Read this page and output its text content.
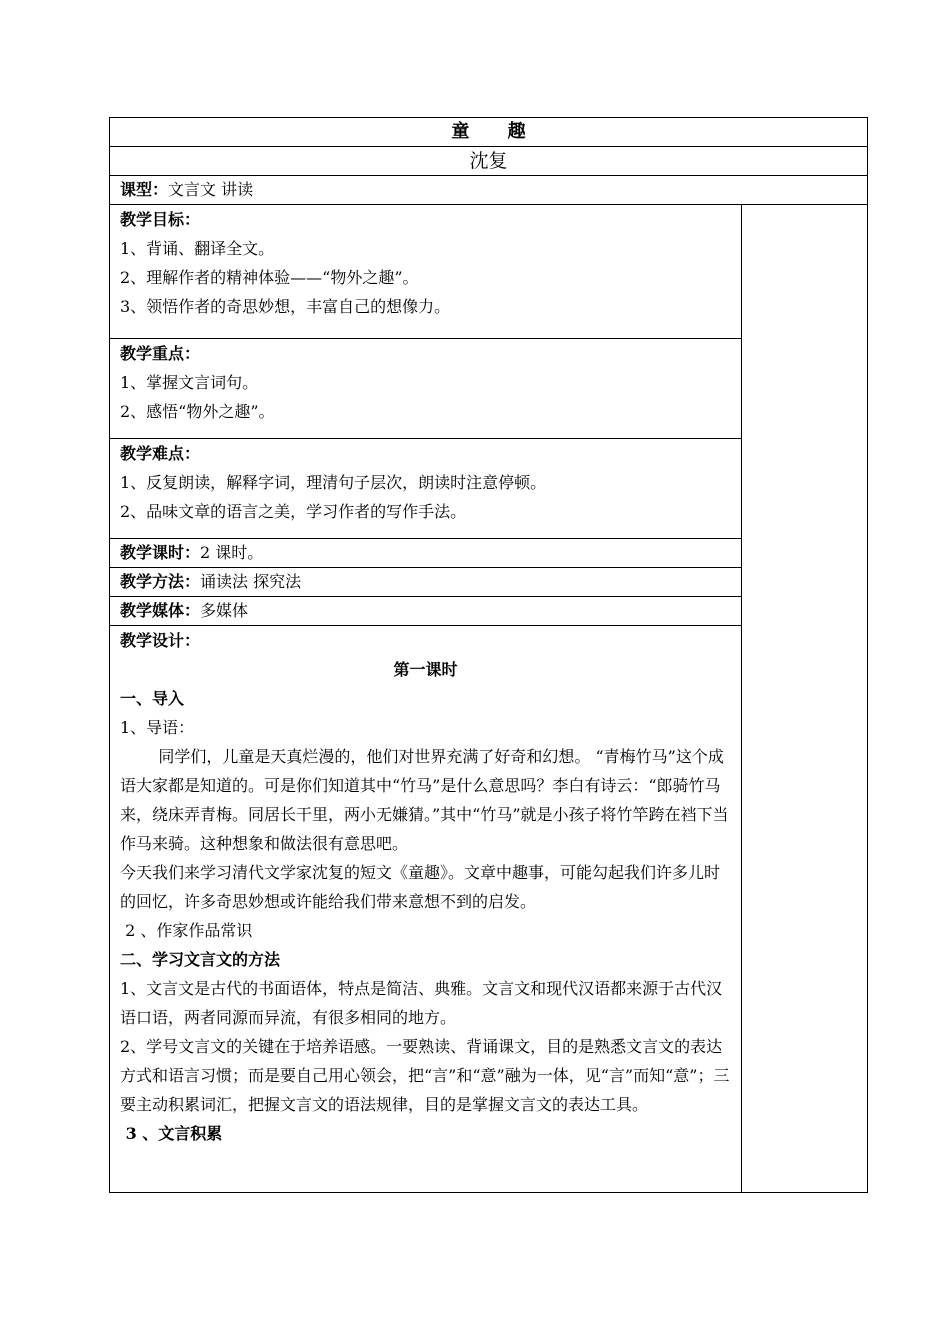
童 趣
沈复
课型：文言文 讲读

教学目标：
1、背诵、翻译全文。
2、理解作者的精神体验——“物外之趣”。
3、领悟作者的奇思妙想，丰富自己的想像力。

教学重点：
1、掌握文言词句。
2、感悟“物外之趣”。

教学难点：
1、反复朗读，解释字词，理清句子层次，朗读时注意停顿。
2、品味文章的语言之美，学习作者的写作手法。

教学课时：2 课时。
教学方法：诵读法 探究法
教学媒体：多媒体

教学设计：
第一课时
一、导入
1、导语：

同学们，儿童是天真烂漫的，他们对世界充满了好奇和幻想。 “青梅竹马”这个成语大家都是知道的。可是你们知道其中“竹马”是什么意思吗？李白有诗云：“郎骑竹马来，绕床弄青梅。同居长干里，两小无嫌猜。”其中“竹马”就是小孩子将竹竿跨在裆下当作马来骑。这种想象和做法很有意思吧。

今天我们来学习清代文学家沈复的短文《童趣》。文章中趣事，可能勾起我们许多儿时的回忆，许多奇思妙想或许能给我们带来意想不到的启发。

2 、作家作品常识
二、学习文言文的方法

1、文言文是古代的书面语体，特点是简洁、典雅。文言文和现代汉语都来源于古代汉语口语，两者同源而异流，有很多相同的地方。

2、学号文言文的关键在于培养语感。一要熟读、背诵课文，目的是熟悉文言文的表达方式和语言习惯；而是要自己用心领会，把“言”和“意”融为一体，见“言”而知“意”；三要主动积累词汇，把握文言文的语法规律，目的是掌握文言文的表达工具。

3 、文言积累
